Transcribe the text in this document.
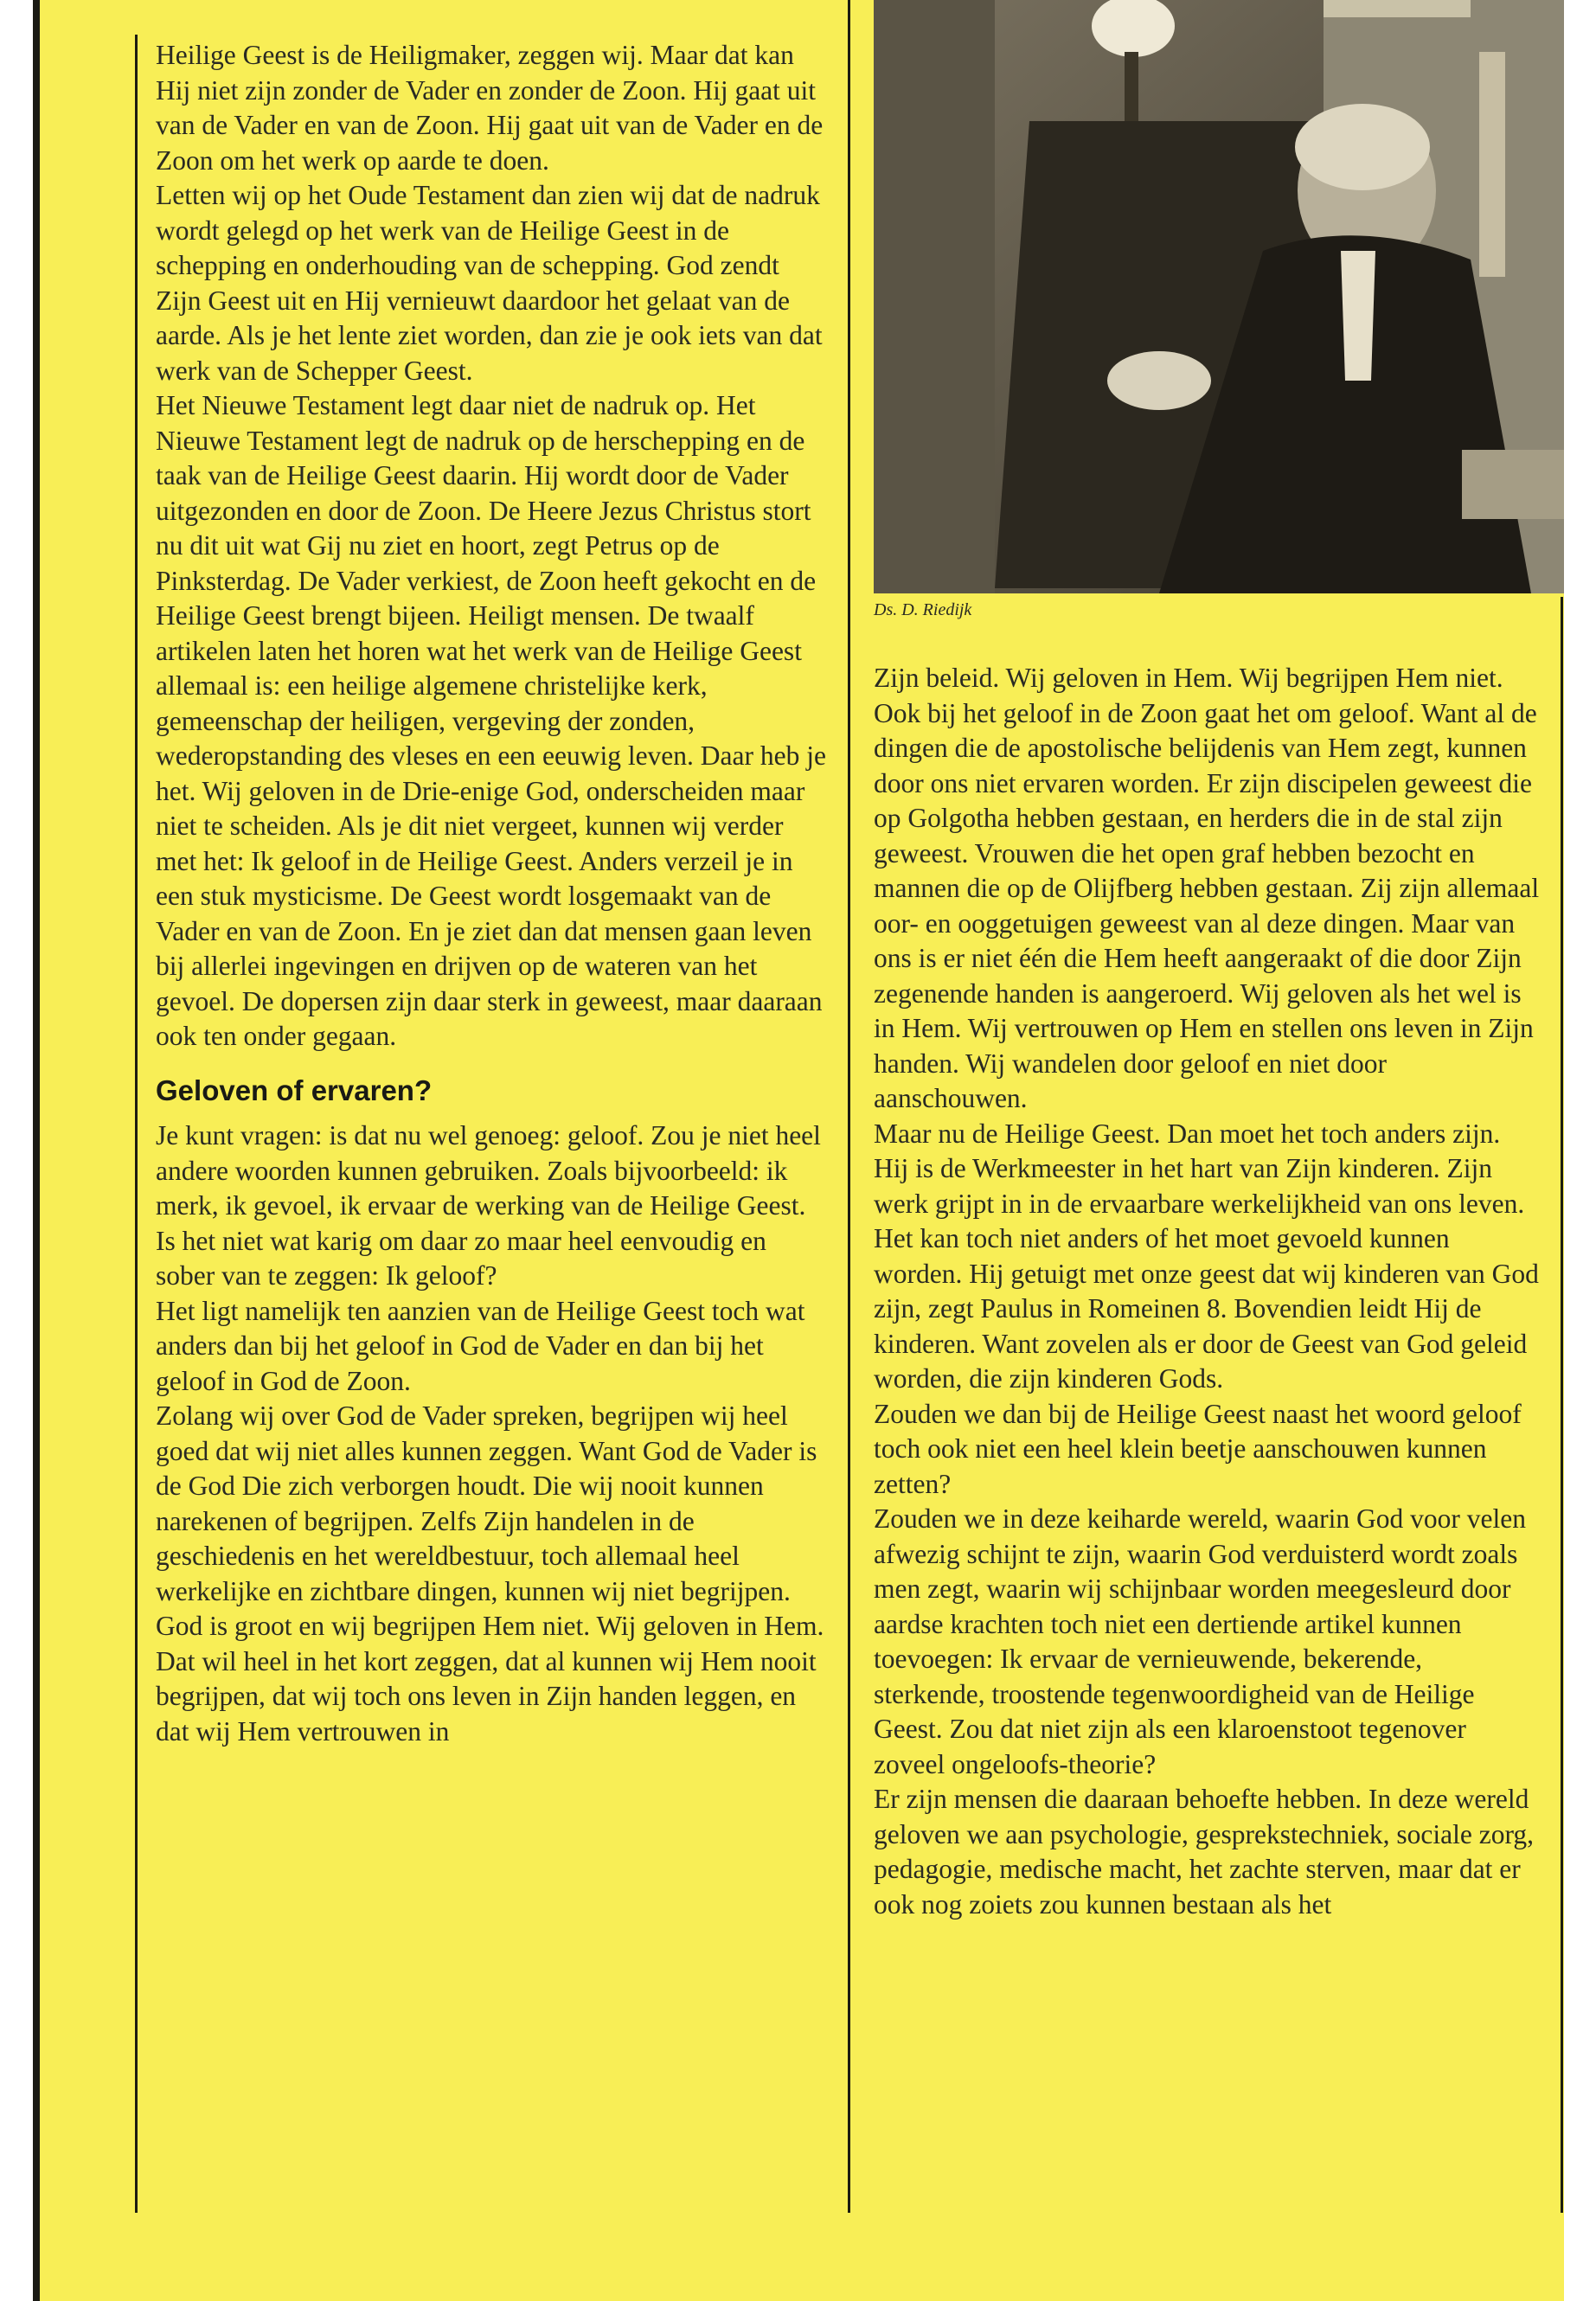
Heilige Geest is de Heiligmaker, zeggen wij. Maar dat kan Hij niet zijn zonder de Vader en zonder de Zoon. Hij gaat uit van de Vader en van de Zoon. Hij gaat uit van de Vader en de Zoon om het werk op aarde te doen.

Letten wij op het Oude Testament dan zien wij dat de nadruk wordt gelegd op het werk van de Heilige Geest in de schepping en onderhouding van de schepping. God zendt Zijn Geest uit en Hij vernieuwt daardoor het gelaat van de aarde. Als je het lente ziet worden, dan zie je ook iets van dat werk van de Schepper Geest.

Het Nieuwe Testament legt daar niet de nadruk op. Het Nieuwe Testament legt de nadruk op de herschepping en de taak van de Heilige Geest daarin. Hij wordt door de Vader uitgezonden en door de Zoon. De Heere Jezus Christus stort nu dit uit wat Gij nu ziet en hoort, zegt Petrus op de Pinksterdag. De Vader verkiest, de Zoon heeft gekocht en de Heilige Geest brengt bijeen. Heiligt mensen. De twaalf artikelen laten het horen wat het werk van de Heilige Geest allemaal is: een heilige algemene christelijke kerk, gemeenschap der heiligen, vergeving der zonden, wederopstanding des vleses en een eeuwig leven. Daar heb je het. Wij geloven in de Drie-enige God, onderscheiden maar niet te scheiden. Als je dit niet vergeet, kunnen wij verder met het: Ik geloof in de Heilige Geest. Anders verzeil je in een stuk mysticisme. De Geest wordt losgemaakt van de Vader en van de Zoon. En je ziet dan dat mensen gaan leven bij allerlei ingevingen en drijven op de wateren van het gevoel. De dopersen zijn daar sterk in geweest, maar daaraan ook ten onder gegaan.

Geloven of ervaren?

Je kunt vragen: is dat nu wel genoeg: geloof. Zou je niet heel andere woorden kunnen gebruiken. Zoals bijvoorbeeld: ik merk, ik gevoel, ik ervaar de werking van de Heilige Geest. Is het niet wat karig om daar zo maar heel eenvoudig en sober van te zeggen: Ik geloof?

Het ligt namelijk ten aanzien van de Heilige Geest toch wat anders dan bij het geloof in God de Vader en dan bij het geloof in God de Zoon.

Zolang wij over God de Vader spreken, begrijpen wij heel goed dat wij niet alles kunnen zeggen. Want God de Vader is de God Die zich verborgen houdt. Die wij nooit kunnen narekenen of begrijpen. Zelfs Zijn handelen in de geschiedenis en het wereldbestuur, toch allemaal heel werkelijke en zichtbare dingen, kunnen wij niet begrijpen. God is groot en wij begrijpen Hem niet. Wij geloven in Hem. Dat wil heel in het kort zeggen, dat al kunnen wij Hem nooit begrijpen, dat wij toch ons leven in Zijn handen leggen, en dat wij Hem vertrouwen in

Ds. D. Riedijk

Zijn beleid. Wij geloven in Hem. Wij begrijpen Hem niet.

Ook bij het geloof in de Zoon gaat het om geloof. Want al de dingen die de apostolische belijdenis van Hem zegt, kunnen door ons niet ervaren worden. Er zijn discipelen geweest die op Golgotha hebben gestaan, en herders die in de stal zijn geweest. Vrouwen die het open graf hebben bezocht en mannen die op de Olijfberg hebben gestaan. Zij zijn allemaal oor- en ooggetuigen geweest van al deze dingen. Maar van ons is er niet één die Hem heeft aangeraakt of die door Zijn zegenende handen is aangeroerd. Wij geloven als het wel is in Hem. Wij vertrouwen op Hem en stellen ons leven in Zijn handen. Wij wandelen door geloof en niet door aanschouwen.

Maar nu de Heilige Geest. Dan moet het toch anders zijn. Hij is de Werkmeester in het hart van Zijn kinderen. Zijn werk grijpt in in de ervaarbare werkelijkheid van ons leven. Het kan toch niet anders of het moet gevoeld kunnen worden. Hij getuigt met onze geest dat wij kinderen van God zijn, zegt Paulus in Romeinen 8. Bovendien leidt Hij de kinderen. Want zovelen als er door de Geest van God geleid worden, die zijn kinderen Gods.

Zouden we dan bij de Heilige Geest naast het woord geloof toch ook niet een heel klein beetje aanschouwen kunnen zetten?

Zouden we in deze keiharde wereld, waarin God voor velen afwezig schijnt te zijn, waarin God verduisterd wordt zoals men zegt, waarin wij schijnbaar worden meegesleurd door aardse krachten toch niet een dertiende artikel kunnen toevoegen: Ik ervaar de vernieuwende, bekerende, sterkende, troostende tegenwoordigheid van de Heilige Geest. Zou dat niet zijn als een klaroenstoot tegenover zoveel ongeloofs-theorie?

Er zijn mensen die daaraan behoefte hebben. In deze wereld geloven we aan psychologie, gesprekstechniek, sociale zorg, pedagogie, medische macht, het zachte sterven, maar dat er ook nog zoiets zou kunnen bestaan als het
